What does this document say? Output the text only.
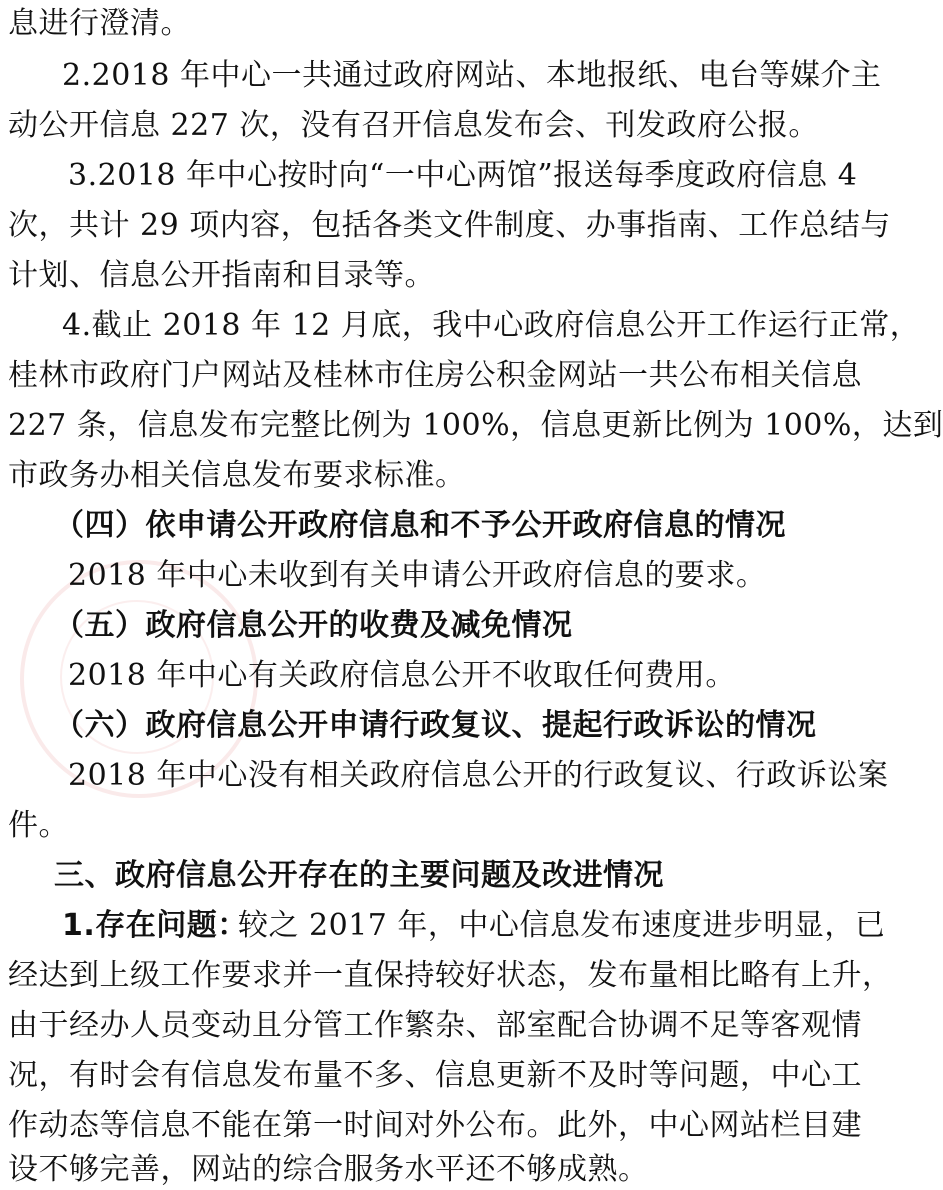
息进行澄清。
2.2018 年中心一共通过政府网站、本地报纸、电台等媒介主
动公开信息 227 次，没有召开信息发布会、刊发政府公报。
3.2018 年中心按时向“一中心两馆”报送每季度政府信息 4
次，共计 29 项内容，包括各类文件制度、办事指南、工作总结与
计划、信息公开指南和目录等。
4.截止 2018 年 12 月底，我中心政府信息公开工作运行正常，
桂林市政府门户网站及桂林市住房公积金网站一共公布相关信息
227 条，信息发布完整比例为 100%，信息更新比例为 100%，达到
市政务办相关信息发布要求标准。
（四）依申请公开政府信息和不予公开政府信息的情况
2018 年中心未收到有关申请公开政府信息的要求。
（五）政府信息公开的收费及减免情况
2018 年中心有关政府信息公开不收取任何费用。
（六）政府信息公开申请行政复议、提起行政诉讼的情况
2018 年中心没有相关政府信息公开的行政复议、行政诉讼案
件。
三、政府信息公开存在的主要问题及改进情况
1.存在问题：
较之 2017 年，中心信息发布速度进步明显，已
经达到上级工作要求并一直保持较好状态，发布量相比略有上升，
由于经办人员变动且分管工作繁杂、部室配合协调不足等客观情
况，有时会有信息发布量不多、信息更新不及时等问题，中心工
作动态等信息不能在第一时间对外公布。此外，中心网站栏目建
设不够完善，网站的综合服务水平还不够成熟。
